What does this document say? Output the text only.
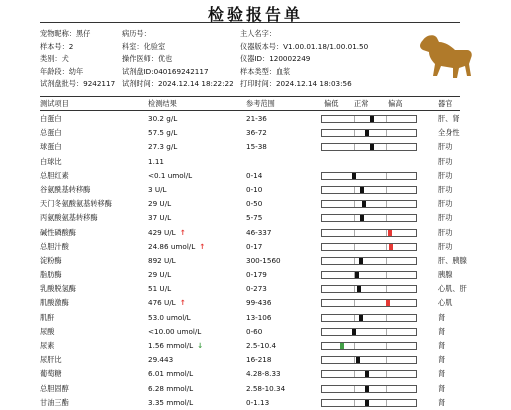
检验报告单
宠物昵称：黑仔	病历号：	主人名字：
样本号：2	科室：化验室	仪器版本号：V1.00.01.18/1.00.01.50
类别：犬	操作医师：优也	仪器ID：120002249
年龄段：幼年	试剂盘ID:040169242117	样本类型：血浆
试剂盘批号：9242117 试剂时间：2024.12.14 18:22:22 打印时间：2024.12.14 18:03:56
测试项目	检测结果	参考范围	偏低 正常	偏高	器官
白蛋白	30.2 g/L	21-36	肝、肾
总蛋白	57.5 g/L	36-72	全身性
球蛋白	27.3 g/L	15-38	肝功
白球比	1.11	肝功
总胆红素	<0.1 umol/L	0-14	肝功
谷氨酰基转移酶	3 U/L	0-10	肝功
天门冬氨酸氨基转移酶	29 U/L	0-50	肝功
丙氨酸氨基转移酶	37 U/L	5-75	肝功
碱性磷酸酶	429 U/L ↑	46-337	肝功
总胆汁酸	24.86 umol/L ↑	0-17	肝功
淀粉酶	892 U/L	300-1560	肝、胰腺
脂肪酶	29 U/L	0-179	胰腺
乳酸脱氢酶	51 U/L	0-273	心肌、肝
肌酸激酶	476 U/L ↑	99-436	心肌
肌酐	53.0 umol/L	13-106	肾
尿酸	<10.00 umol/L	0-60	肾
尿素	1.56 mmol/L ↓	2.5-10.4	肾
尿肝比	29.443	16-218	肾
葡萄糖	6.01 mmol/L	4.28-8.33	肾
总胆固醇	6.28 mmol/L	2.58-10.34	肾
甘油三酯	3.35 mmol/L	0-1.13	肾
